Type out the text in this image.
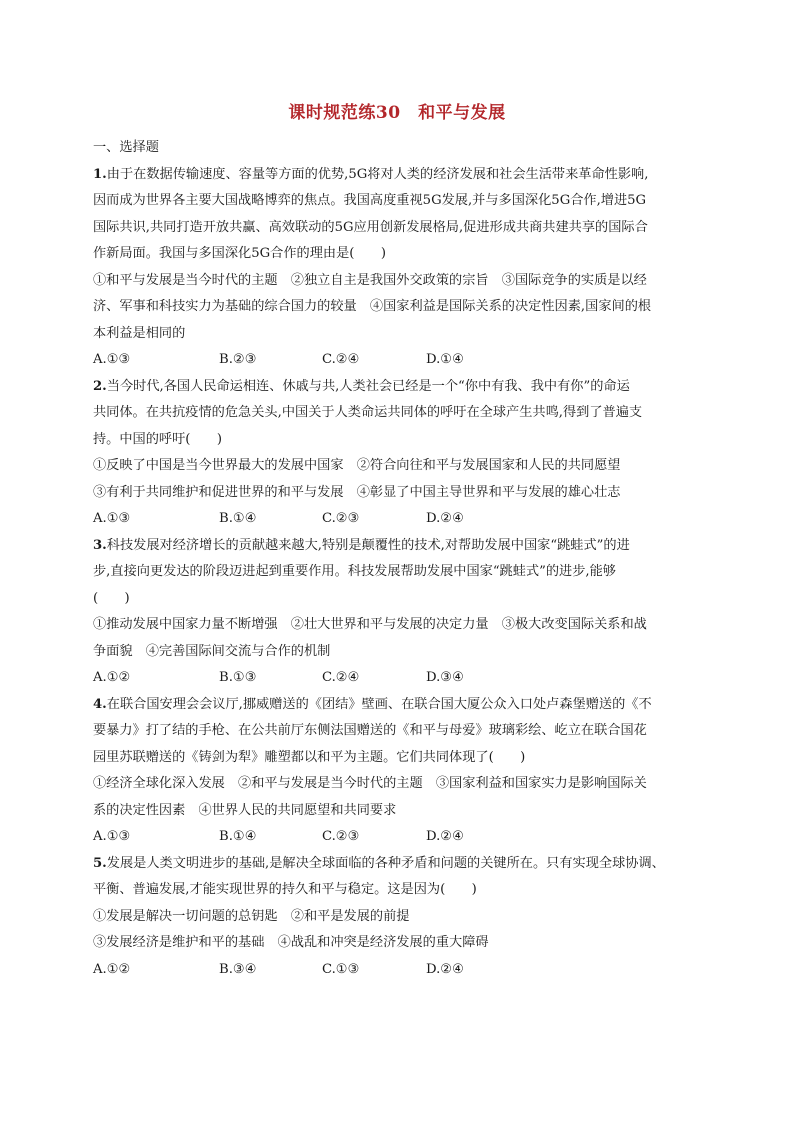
课时规范练30　和平与发展
一、选择题
1.由于在数据传输速度、容量等方面的优势,5G将对人类的经济发展和社会生活带来革命性影响,
因而成为世界各主要大国战略博弈的焦点。我国高度重视5G发展,并与多国深化5G合作,增进5G
国际共识,共同打造开放共赢、高效联动的5G应用创新发展格局,促进形成共商共建共享的国际合
作新局面。我国与多国深化5G合作的理由是(　　)
①和平与发展是当今时代的主题　②独立自主是我国外交政策的宗旨　③国际竞争的实质是以经
济、军事和科技实力为基础的综合国力的较量　④国家利益是国际关系的决定性因素,国家间的根
本利益是相同的
A.①③	B.②③	C.②④	D.①④
2.当今时代,各国人民命运相连、休戚与共,人类社会已经是一个“你中有我、我中有你”的命运
共同体。在共抗疫情的危急关头,中国关于人类命运共同体的呼吁在全球产生共鸣,得到了普遍支
持。中国的呼吁(　　)
①反映了中国是当今世界最大的发展中国家　②符合向往和平与发展国家和人民的共同愿望
③有利于共同维护和促进世界的和平与发展　④彰显了中国主导世界和平与发展的雄心壮志
A.①③	B.①④	C.②③	D.②④
3.科技发展对经济增长的贡献越来越大,特别是颠覆性的技术,对帮助发展中国家“跳蛙式”的进
步,直接向更发达的阶段迈进起到重要作用。科技发展帮助发展中国家“跳蛙式”的进步,能够
(　　)
①推动发展中国家力量不断增强　②壮大世界和平与发展的决定力量　③极大改变国际关系和战
争面貌　④完善国际间交流与合作的机制
A.①②	B.①③	C.②④	D.③④
4.在联合国安理会会议厅,挪威赠送的《团结》壁画、在联合国大厦公众入口处卢森堡赠送的《不
要暴力》打了结的手枪、在公共前厅东侧法国赠送的《和平与母爱》玻璃彩绘、屹立在联合国花
园里苏联赠送的《铸剑为犁》雕塑都以和平为主题。它们共同体现了(　　)
①经济全球化深入发展　②和平与发展是当今时代的主题　③国家利益和国家实力是影响国际关
系的决定性因素　④世界人民的共同愿望和共同要求
A.①③	B.①④	C.②③	D.②④
5.发展是人类文明进步的基础,是解决全球面临的各种矛盾和问题的关键所在。只有实现全球协调、
平衡、普遍发展,才能实现世界的持久和平与稳定。这是因为(　　)
①发展是解决一切问题的总钥匙　②和平是发展的前提
③发展经济是维护和平的基础　④战乱和冲突是经济发展的重大障碍
A.①②	B.③④	C.①③	D.②④
